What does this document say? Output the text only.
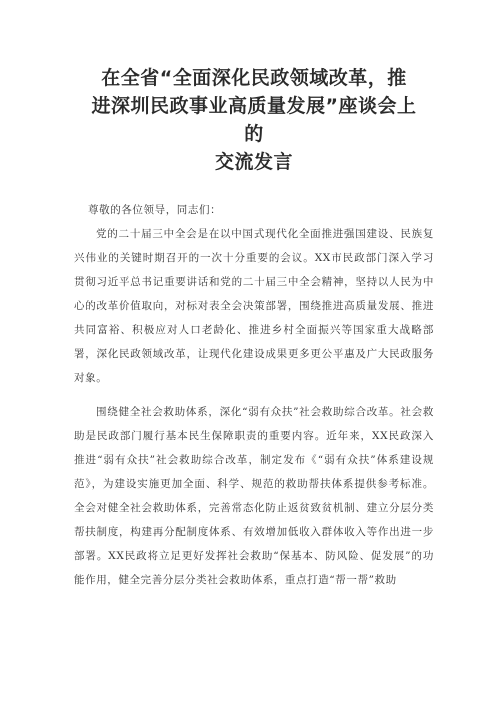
在全省“全面深化民政领域改革，推
进深圳民政事业高质量发展”座谈会上的
交流发言

尊敬的各位领导，同志们：

党的二十届三中全会是在以中国式现代化全面推进强国建设、民族复兴伟业的关键时期召开的一次十分重要的会议。XX市民政部门深入学习贯彻习近平总书记重要讲话和党的二十届三中全会精神，坚持以人民为中心的改革价值取向，对标对表全会决策部署，围绕推进高质量发展、推进共同富裕、积极应对人口老龄化、推进乡村全面振兴等国家重大战略部署，深化民政领域改革，让现代化建设成果更多更公平惠及广大民政服务对象。

围绕健全社会救助体系，深化“弱有众扶”社会救助综合改革。社会救助是民政部门履行基本民生保障职责的重要内容。近年来，XX民政深入推进“弱有众扶”社会救助综合改革，制定发布《“弱有众扶”体系建设规范》，为建设实施更加全面、科学、规范的救助帮扶体系提供参考标准。全会对健全社会救助体系，完善常态化防止返贫致贫机制、建立分层分类帮扶制度，构建再分配制度体系、有效增加低收入群体收入等作出进一步部署。XX民政将立足更好发挥社会救助“保基本、防风险、促发展”的功能作用，健全完善分层分类社会救助体系，重点打造“帮一帮”救助
